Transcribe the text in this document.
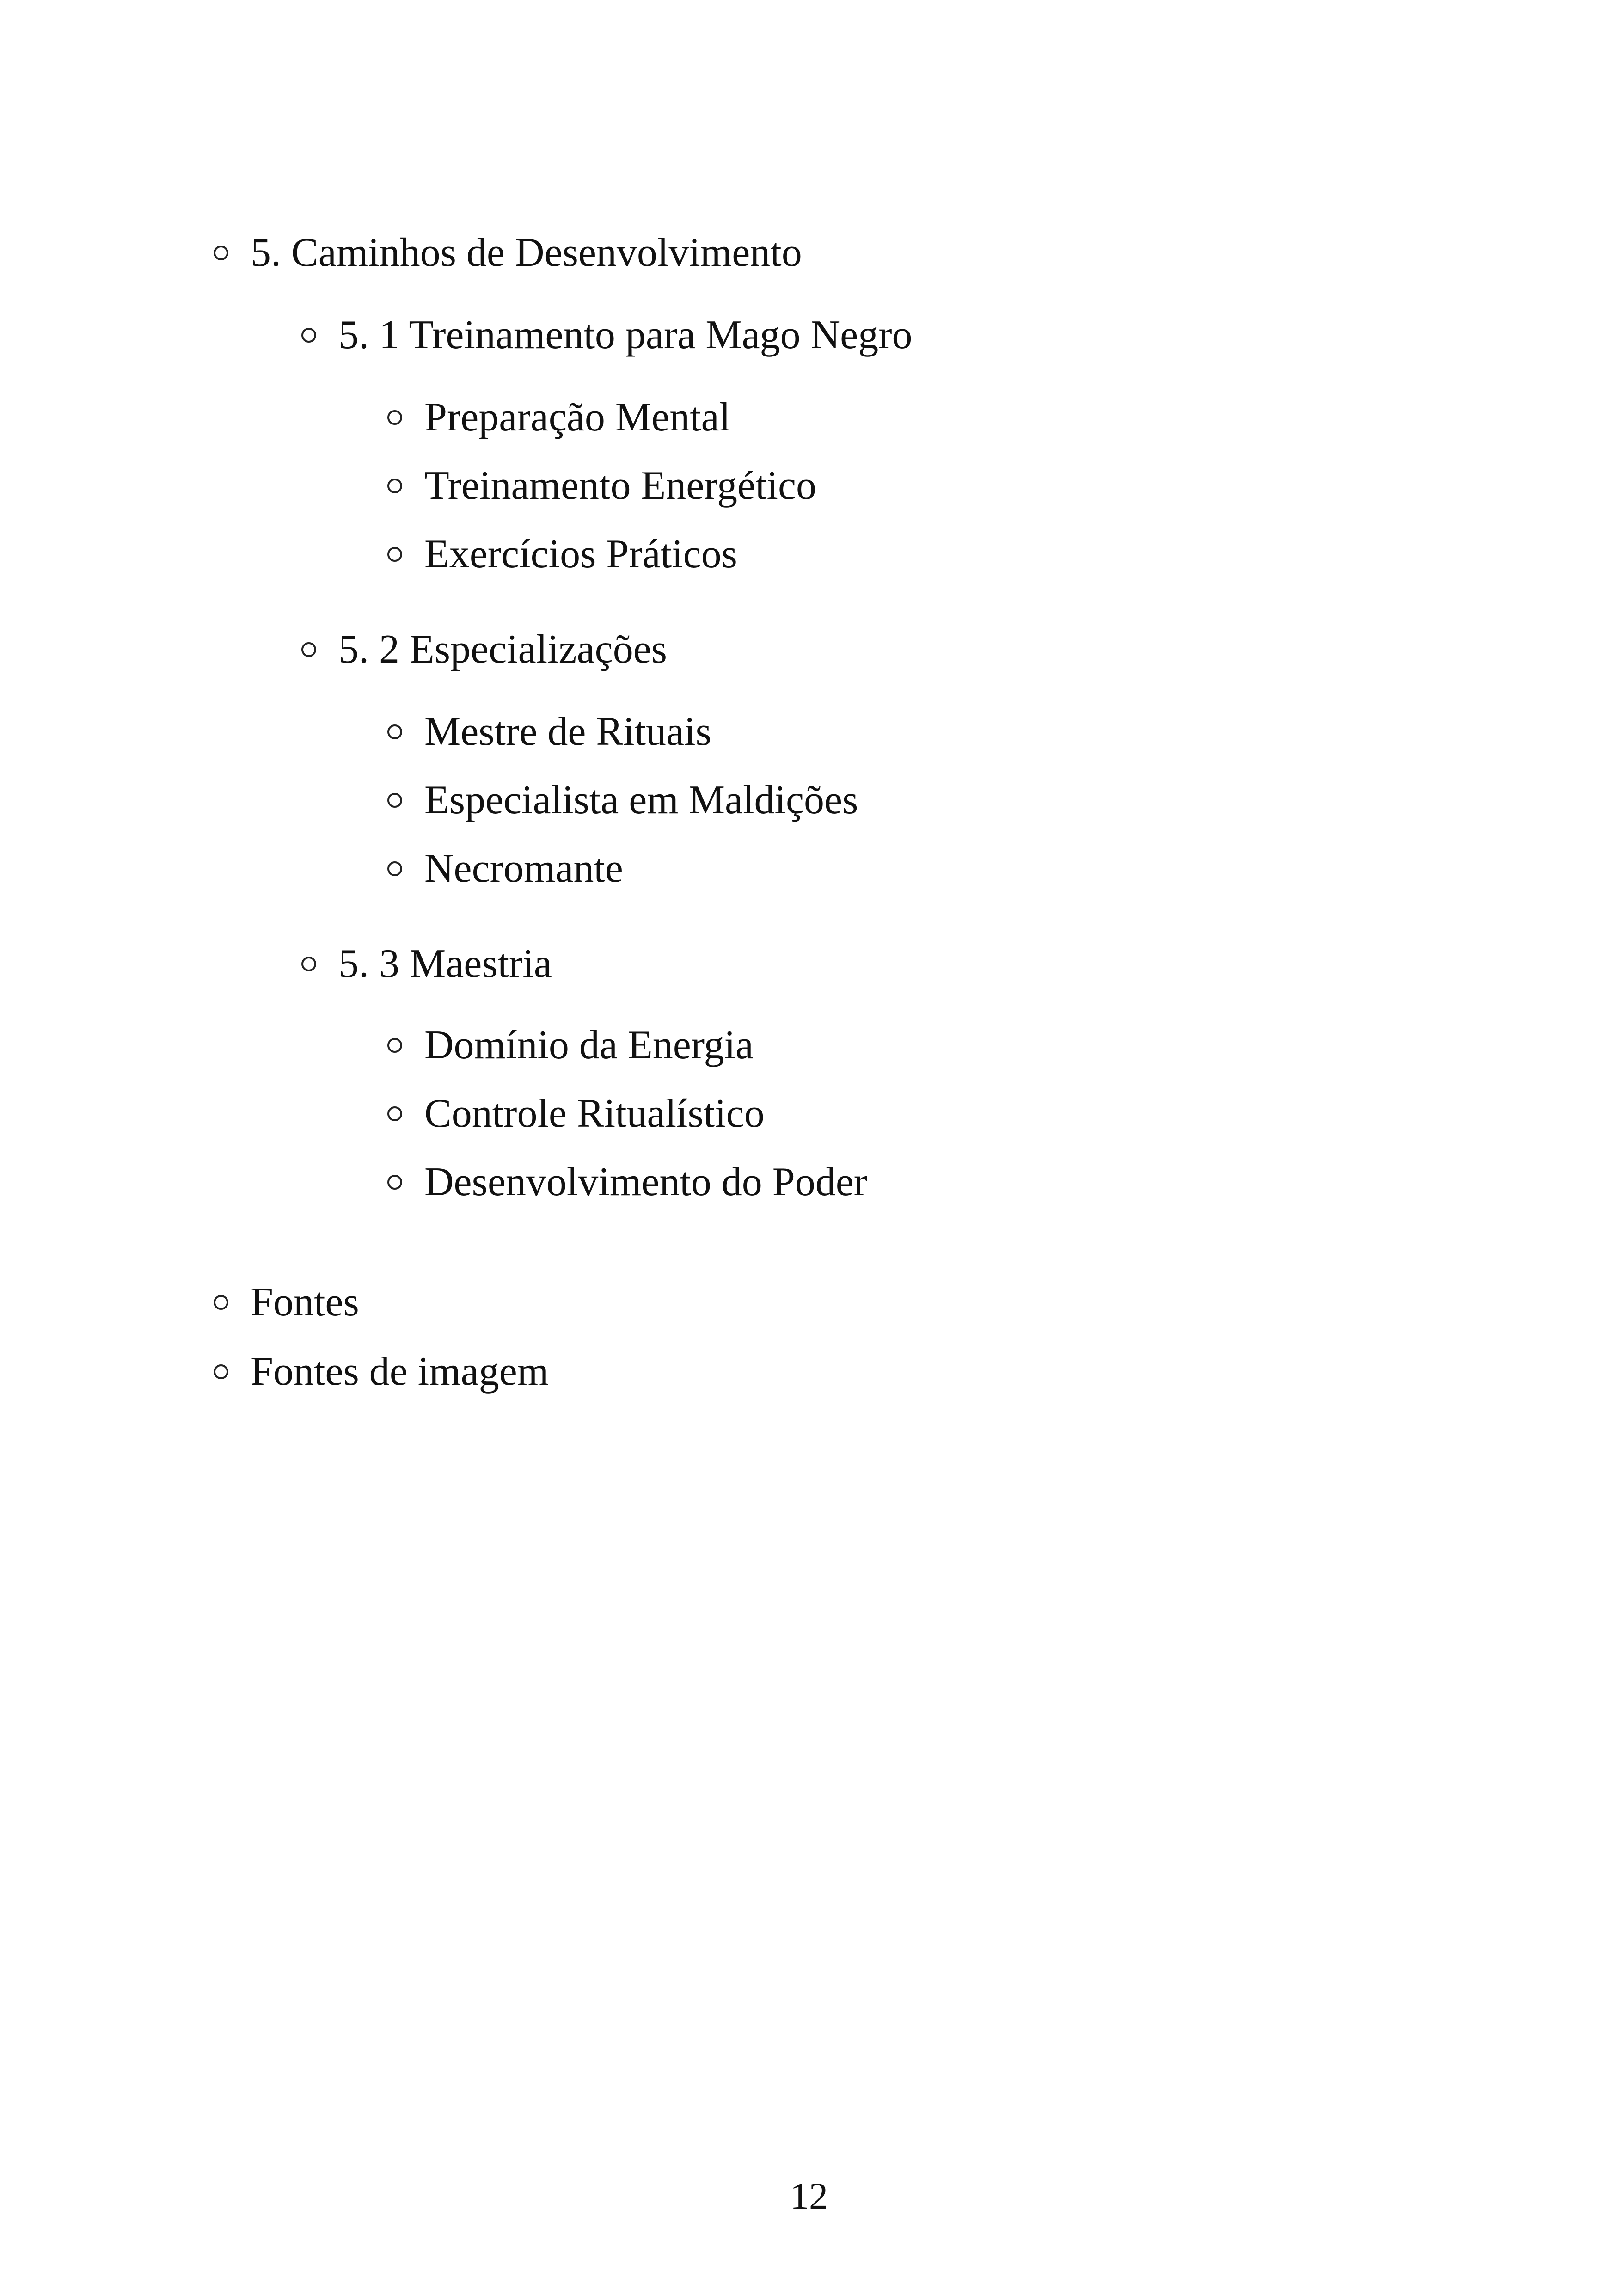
5. Caminhos de Desenvolvimento
5. 1 Treinamento para Mago Negro
Preparação Mental
Treinamento Energético
Exercícios Práticos
5. 2 Especializações
Mestre de Rituais
Especialista em Maldições
Necromante
5. 3 Maestria
Domínio da Energia
Controle Ritualístico
Desenvolvimento do Poder
Fontes
Fontes de imagem
12
